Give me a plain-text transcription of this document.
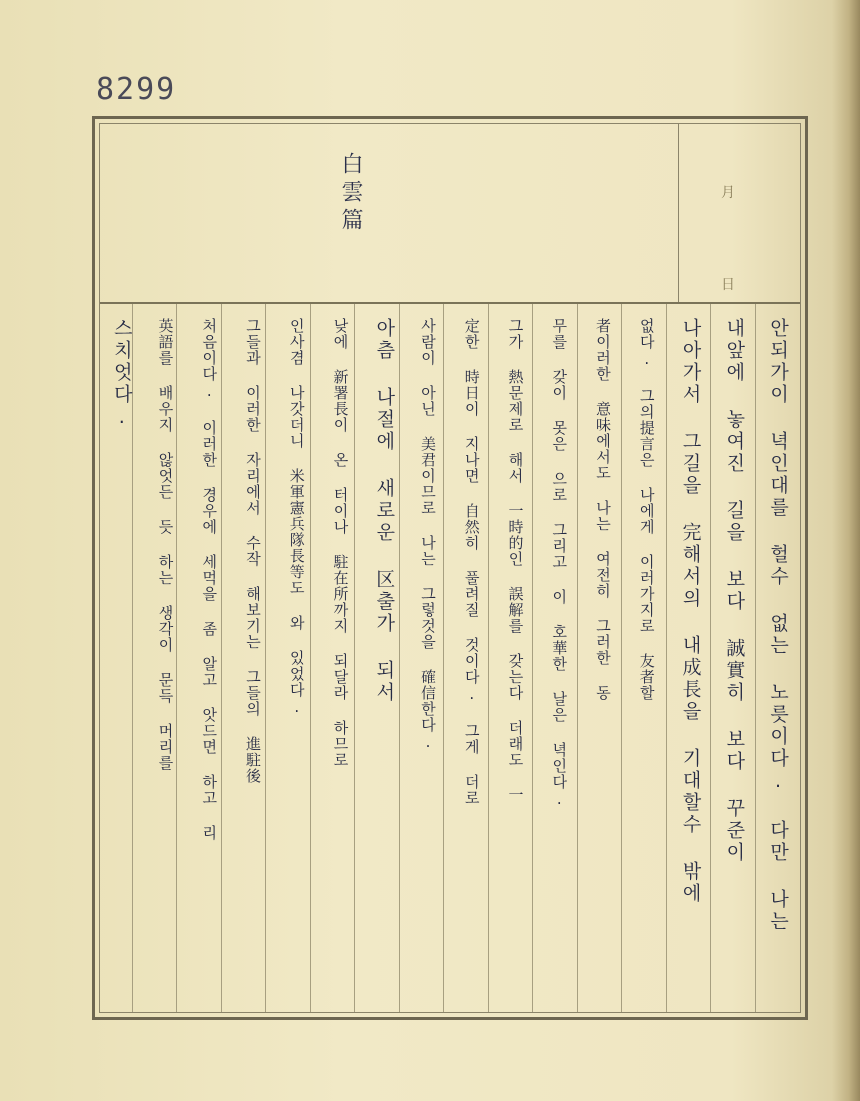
8299
白雲篇	月
日
안되가이 녁인대를 헐수 없는 노릇이다. 다만 나는
내앞에 놓여진 길을 보다 誠實히 보다 꾸준이
나아가서 그길을 完해서의 내成長을 기대할수 밖에
없다. 그의提言은 나에게 이러가지로 友者할
者이러한 意味에서도 나는 여전히 그러한 동
무를 갖이 못은 으로 그리고 이 호華한 날은 녁인다.
그가 熱문제로 해서 一時的인 誤解를 갖는다 더래도 一
定한 時日이 지나면 自然히 풀려질 것이다. 그게 더로
사람이 아닌 美君이므로 나는 그렇것을 確信한다.
아츰 나절에 새로운 区출가 되서
낮에 新署長이 온 터이나 駐在所까지 되달라 하므로
인사겸 나갓더니 米軍憲兵隊長等도 와 있었다.
그들과 이러한 자리에서 수작 해보기는 그들의 進駐後
처음이다. 이러한 경우에 세먹을 좀 알고 앗드면 하고 리
英語를 배우지 않엇든 듯 하는 생각이 문득 머리를
스치엇다.
